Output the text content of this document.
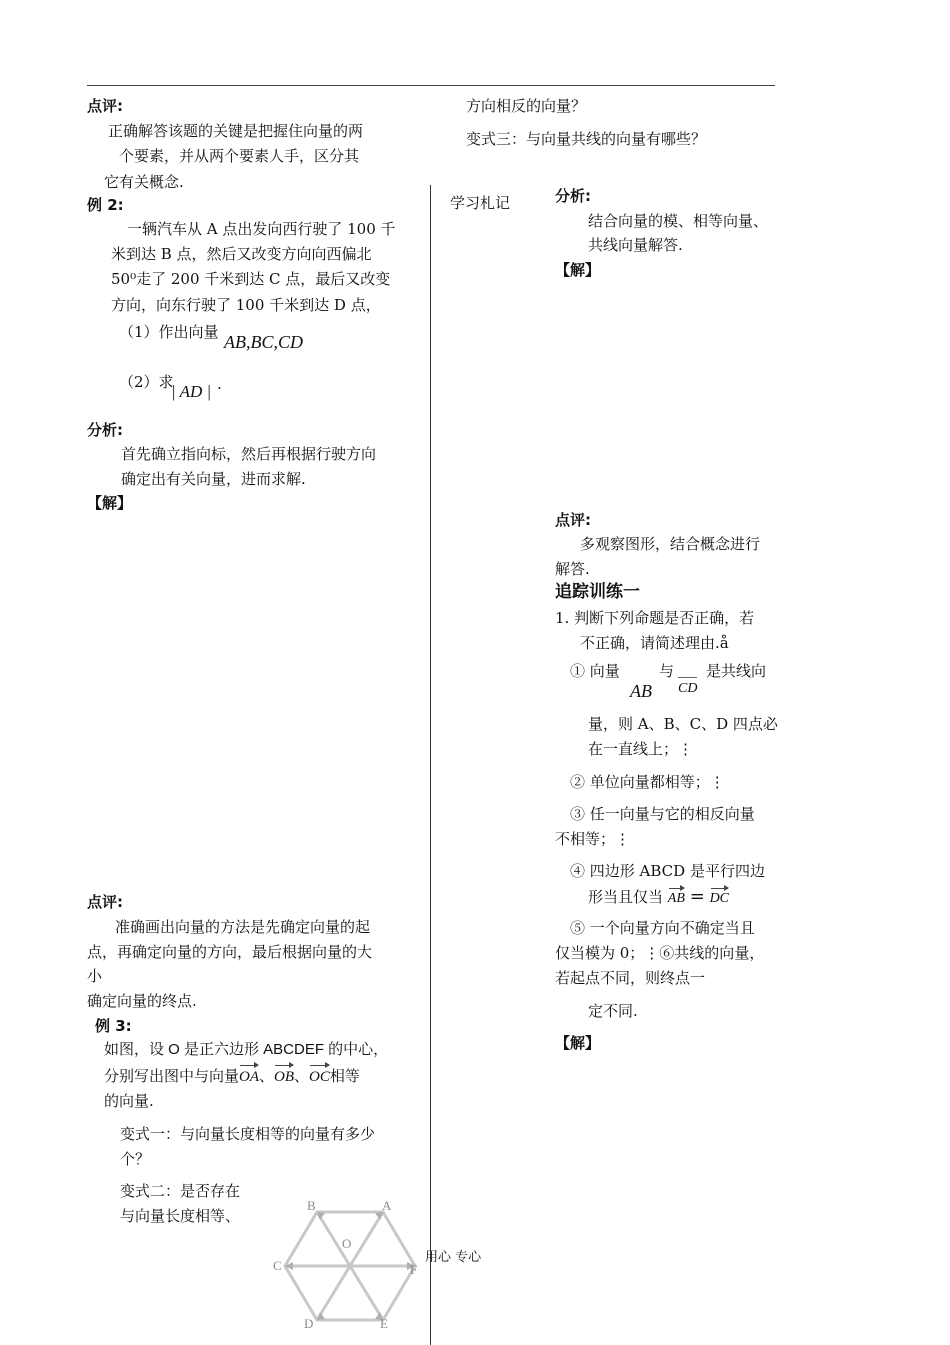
点评:
正确解答该题的关键是把握住向量的两
个要素，并从两个要素人手，区分其
它有关概念.
例 2:
一辆汽车从 A 点出发向西行驶了 100 千
米到达 B 点，然后又改变方向向西偏北
50⁰走了 200 千米到达 C 点，最后又改变
方向，向东行驶了 100 千米到达 D 点，
（1）作出向量 AB,BC,CD
（2）求
| AD | .
分析:
首先确立指向标，然后再根据行驶方向
确定出有关向量，进而求解.
【解】
点评:
准确画出向量的方法是先确定向量的起
点，再确定向量的方向，最后根据向量的大
小
确定向量的终点.
例 3:
如图，设 O 是正六边形 ABCDEF 的中心，
分别写出图中与向量OA、OB、OC相等
的向量.
变式一：与向量长度相等的向量有多少
个？
变式二：是否存在
与向量长度相等、
B	A
O
C	F
D	E
用心 专心
方向相反的向量？
变式三：与向量共线的向量有哪些？
学习札记	分析:
结合向量的模、相等向量、
共线向量解答.
【解】
点评:
多观察图形，结合概念进行
解答.
追踪训练一
1. 判断下列命题是否正确，若
不正确，请简述理由.å
① 向量
AB
与
CD
是共线向
量，则 A、B、C、D 四点必
在一直线上；⋮
② 单位向量都相等；⋮
③ 任一向量与它的相反向量
不相等；⋮
④ 四边形 ABCD 是平行四边
形当且仅当 AB = DC
⑤ 一个向量方向不确定当且
仅当模为 0；⋮⑥共线的向量，
若起点不同，则终点一
定不同.
【解】
